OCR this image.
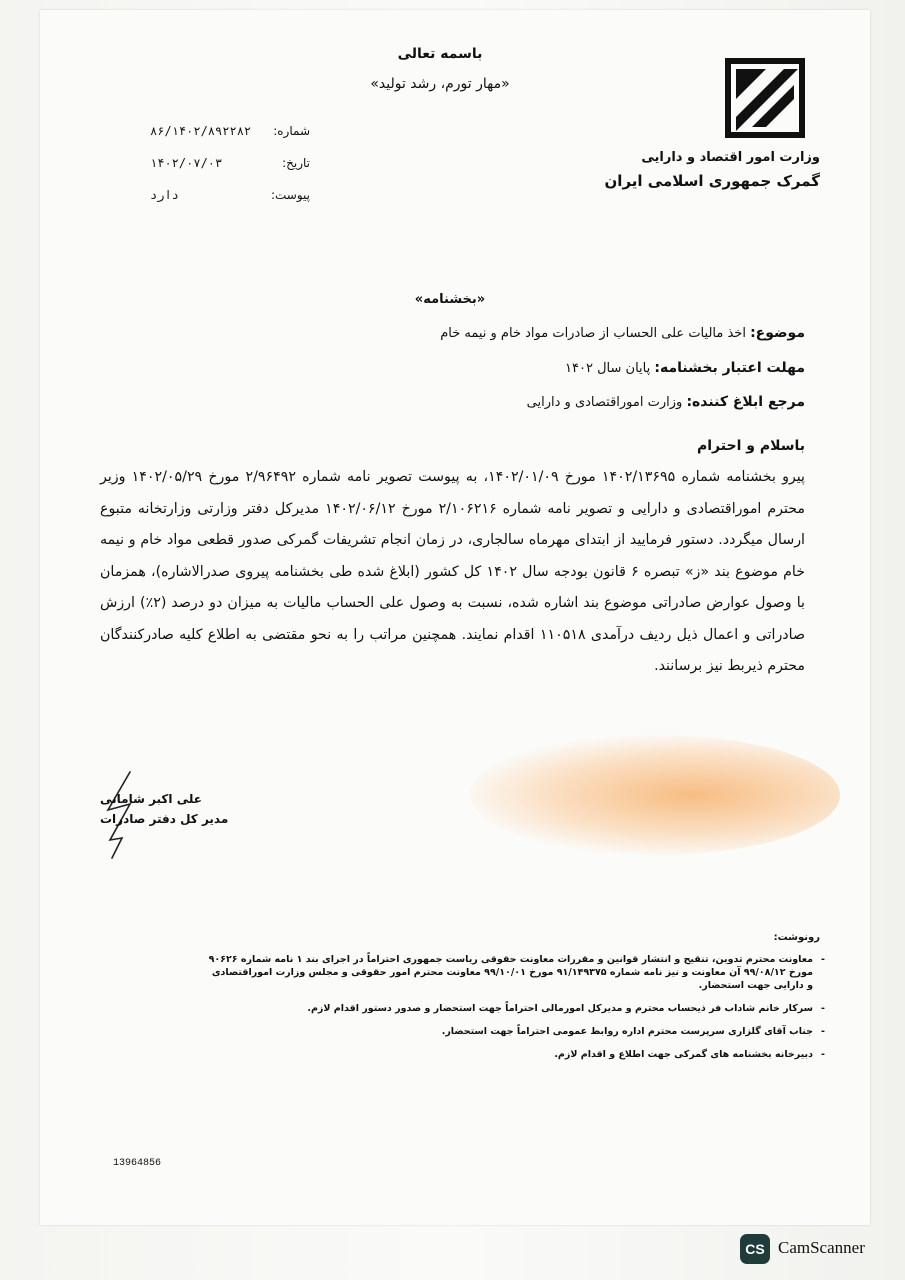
باسمه تعالی
«مهار تورم، رشد تولید»
۸۶/۱۴۰۲/۸۹۲۲۸۲	شماره:
۱۴۰۲/۰۷/۰۳	تاریخ:
دارد	پیوست:
وزارت امور اقتصاد و دارایی
گمرک جمهوری اسلامی ایران
«بخشنامه»
موضوع: اخذ مالیات علی الحساب از صادرات مواد خام و نیمه خام
مهلت اعتبار بخشنامه: پایان سال ۱۴۰۲
مرجع ابلاغ کننده: وزارت اموراقتصادی و دارایی
باسلام و احترام
پیرو بخشنامه شماره ۱۴۰۲/۱۳۶۹۵ مورخ ۱۴۰۲/۰۱/۰۹، به پیوست تصویر نامه شماره ۲/۹۶۴۹۲ مورخ ۱۴۰۲/۰۵/۲۹ وزیر محترم اموراقتصادی و دارایی و تصویر نامه شماره ۲/۱۰۶۲۱۶ مورخ ۱۴۰۲/۰۶/۱۲ مدیرکل دفتر وزارتی وزارتخانه متبوع ارسال میگردد. دستور فرمایید از ابتدای مهرماه سالجاری، در زمان انجام تشریفات گمرکی صدور قطعی مواد خام و نیمه خام موضوع بند «ز» تبصره ۶ قانون بودجه سال ۱۴۰۲ کل کشور (ابلاغ شده طی بخشنامه پیروی صدرالاشاره)، همزمان با وصول عوارض صادراتی موضوع بند اشاره شده، نسبت به وصول علی الحساب مالیات به میزان دو درصد (۲٪) ارزش صادراتی و اعمال ذیل ردیف درآمدی ۱۱۰۵۱۸ اقدام نمایند. همچنین مراتب را به نحو مقتضی به اطلاع کلیه صادرکنندگان محترم ذیربط نیز برسانند.
علی اکبر شامانی
مدیر کل دفتر صادرات
رونوشت:
- معاونت محترم تدوین، تنقیح و انتشار قوانین و مقررات معاونت حقوقی ریاست جمهوری احتراماً در اجرای بند ۱ نامه شماره ۹۰۶۲۶ مورخ ۹۹/۰۸/۱۲ آن معاونت و نیز نامه شماره ۹۱/۱۴۹۳۷۵ مورخ ۹۹/۱۰/۰۱ معاونت محترم امور حقوقی و مجلس وزارت اموراقتصادی و دارایی جهت استحضار.
- سرکار خانم شاداب فر ذیحساب محترم و مدیرکل امورمالی احتراماً جهت استحضار و صدور دستور اقدام لازم.
- جناب آقای گلزاری سرپرست محترم اداره روابط عمومی احتراماً جهت استحضار.
- دبیرخانه بخشنامه های گمرکی جهت اطلاع و اقدام لازم.
13964856
CS CamScanner
